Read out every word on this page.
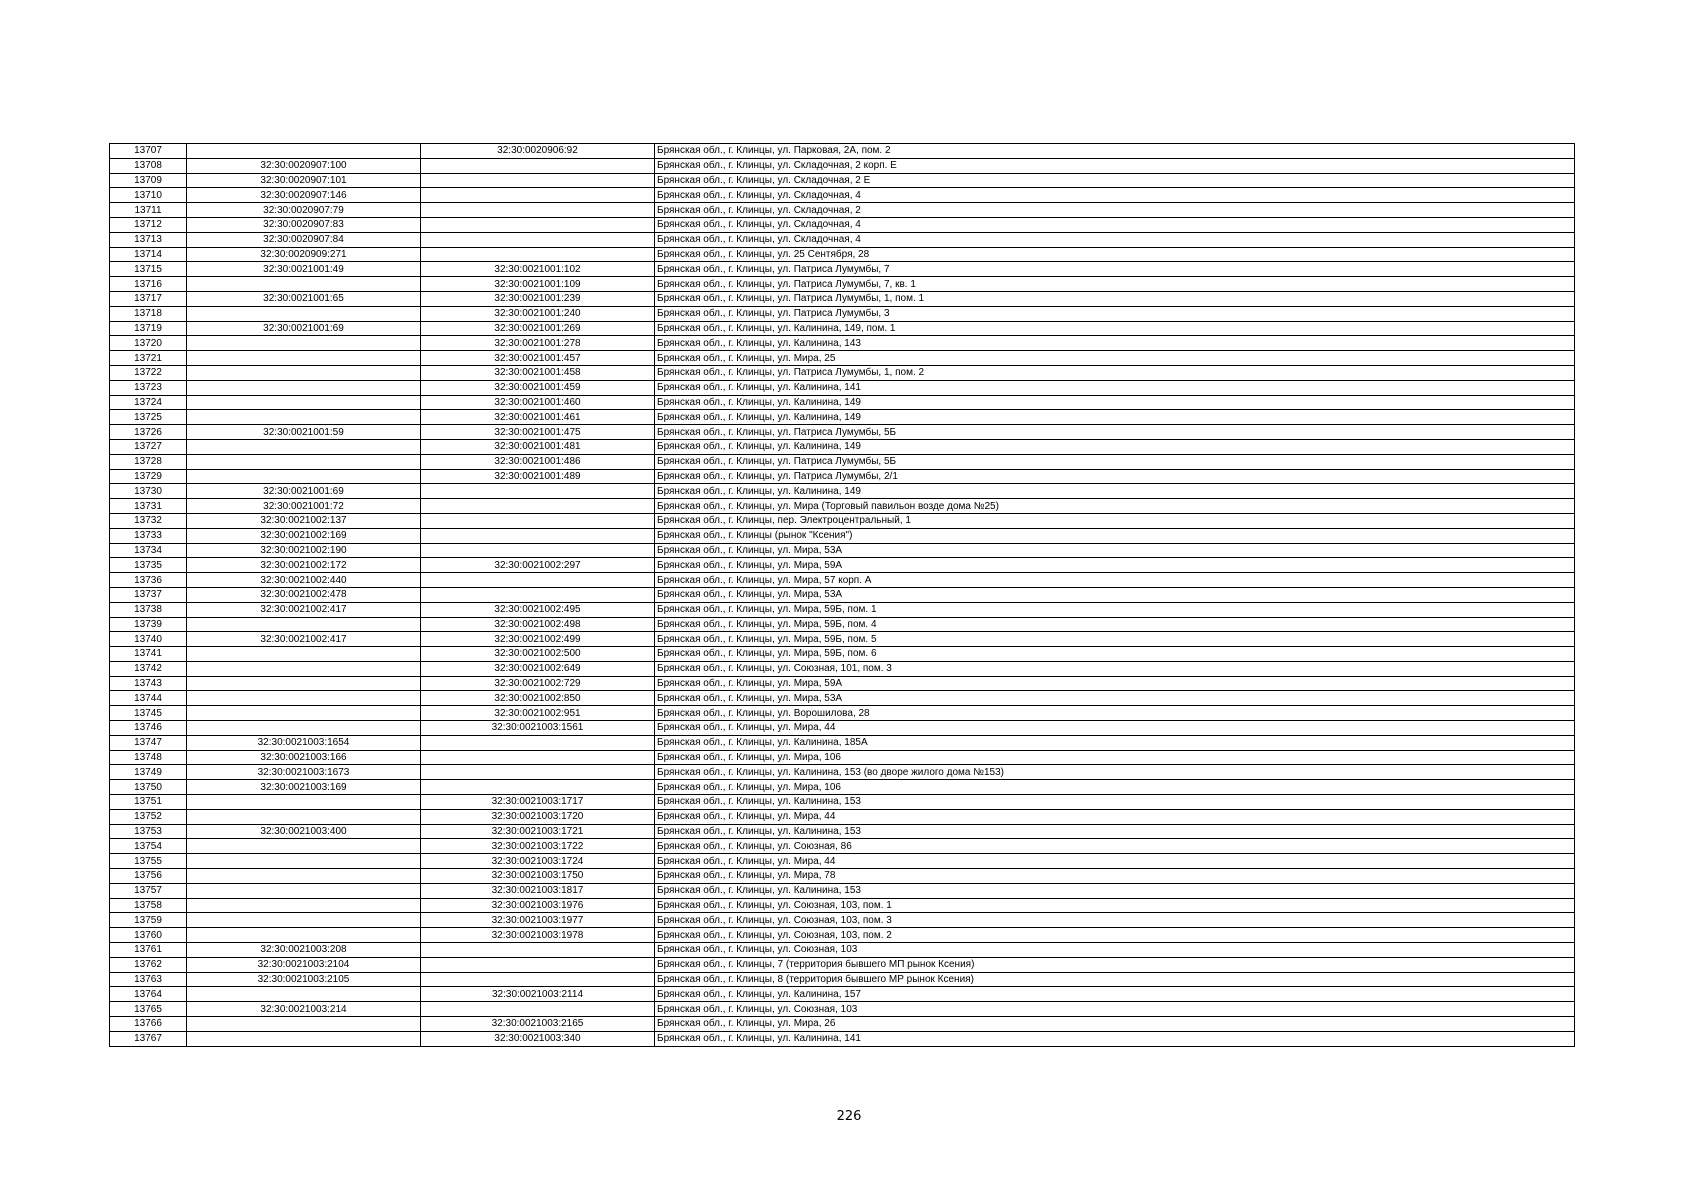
13707		32:30:0020906:92	Брянская обл., г. Клинцы, ул. Парковая, 2А, пом. 2
13708	32:30:0020907:100		Брянская обл., г. Клинцы, ул. Складочная, 2 корп. Е
13709	32:30:0020907:101		Брянская обл., г. Клинцы, ул. Складочная, 2 Е
13710	32:30:0020907:146		Брянская обл., г. Клинцы, ул. Складочная, 4
13711	32:30:0020907:79		Брянская обл., г. Клинцы, ул. Складочная, 2
13712	32:30:0020907:83		Брянская обл., г. Клинцы, ул. Складочная, 4
13713	32:30:0020907:84		Брянская обл., г. Клинцы, ул. Складочная, 4
13714	32:30:0020909:271		Брянская обл., г. Клинцы, ул. 25 Сентября, 28
13715	32:30:0021001:49	32:30:0021001:102	Брянская обл., г. Клинцы, ул. Патриса Лумумбы, 7
13716		32:30:0021001:109	Брянская обл., г. Клинцы, ул. Патриса Лумумбы, 7, кв. 1
13717	32:30:0021001:65	32:30:0021001:239	Брянская обл., г. Клинцы, ул. Патриса Лумумбы, 1, пом. 1
13718		32:30:0021001:240	Брянская обл., г. Клинцы, ул. Патриса Лумумбы, 3
13719	32:30:0021001:69	32:30:0021001:269	Брянская обл., г. Клинцы, ул. Калинина, 149, пом. 1
13720		32:30:0021001:278	Брянская обл., г. Клинцы, ул. Калинина, 143
13721		32:30:0021001:457	Брянская обл., г. Клинцы, ул. Мира, 25
13722		32:30:0021001:458	Брянская обл., г. Клинцы, ул. Патриса Лумумбы, 1, пом. 2
13723		32:30:0021001:459	Брянская обл., г. Клинцы, ул. Калинина, 141
13724		32:30:0021001:460	Брянская обл., г. Клинцы, ул. Калинина, 149
13725		32:30:0021001:461	Брянская обл., г. Клинцы, ул. Калинина, 149
13726	32:30:0021001:59	32:30:0021001:475	Брянская обл., г. Клинцы, ул. Патриса Лумумбы, 5Б
13727		32:30:0021001:481	Брянская обл., г. Клинцы, ул. Калинина, 149
13728		32:30:0021001:486	Брянская обл., г. Клинцы, ул. Патриса Лумумбы, 5Б
13729		32:30:0021001:489	Брянская обл., г. Клинцы, ул. Патриса Лумумбы, 2/1
13730	32:30:0021001:69		Брянская обл., г. Клинцы, ул. Калинина, 149
13731	32:30:0021001:72		Брянская обл., г. Клинцы, ул. Мира (Торговый павильон возде дома №25)
13732	32:30:0021002:137		Брянская обл., г. Клинцы, пер. Электроцентральный, 1
13733	32:30:0021002:169		Брянская обл., г. Клинцы (рынок "Ксения")
13734	32:30:0021002:190		Брянская обл., г. Клинцы, ул. Мира, 53А
13735	32:30:0021002:172	32:30:0021002:297	Брянская обл., г. Клинцы, ул. Мира, 59А
13736	32:30:0021002:440		Брянская обл., г. Клинцы, ул. Мира, 57 корп. А
13737	32:30:0021002:478		Брянская обл., г. Клинцы, ул. Мира, 53А
13738	32:30:0021002:417	32:30:0021002:495	Брянская обл., г. Клинцы, ул. Мира, 59Б, пом. 1
13739		32:30:0021002:498	Брянская обл., г. Клинцы, ул. Мира, 59Б, пом. 4
13740	32:30:0021002:417	32:30:0021002:499	Брянская обл., г. Клинцы, ул. Мира, 59Б, пом. 5
13741		32:30:0021002:500	Брянская обл., г. Клинцы, ул. Мира, 59Б, пом. 6
13742		32:30:0021002:649	Брянская обл., г. Клинцы, ул. Союзная, 101, пом. 3
13743		32:30:0021002:729	Брянская обл., г. Клинцы, ул. Мира, 59А
13744		32:30:0021002:850	Брянская обл., г. Клинцы, ул. Мира, 53А
13745		32:30:0021002:951	Брянская обл., г. Клинцы, ул. Ворошилова, 28
13746		32:30:0021003:1561	Брянская обл., г. Клинцы, ул. Мира, 44
13747	32:30:0021003:1654		Брянская обл., г. Клинцы, ул. Калинина, 185А
13748	32:30:0021003:166		Брянская обл., г. Клинцы, ул. Мира, 106
13749	32:30:0021003:1673		Брянская обл., г. Клинцы, ул. Калинина, 153 (во дворе жилого дома №153)
13750	32:30:0021003:169		Брянская обл., г. Клинцы, ул. Мира, 106
13751		32:30:0021003:1717	Брянская обл., г. Клинцы, ул. Калинина, 153
13752		32:30:0021003:1720	Брянская обл., г. Клинцы, ул. Мира, 44
13753	32:30:0021003:400	32:30:0021003:1721	Брянская обл., г. Клинцы, ул. Калинина, 153
13754		32:30:0021003:1722	Брянская обл., г. Клинцы, ул. Союзная, 86
13755		32:30:0021003:1724	Брянская обл., г. Клинцы, ул. Мира, 44
13756		32:30:0021003:1750	Брянская обл., г. Клинцы, ул. Мира, 78
13757		32:30:0021003:1817	Брянская обл., г. Клинцы, ул. Калинина, 153
13758		32:30:0021003:1976	Брянская обл., г. Клинцы, ул. Союзная, 103, пом. 1
13759		32:30:0021003:1977	Брянская обл., г. Клинцы, ул. Союзная, 103, пом. 3
13760		32:30:0021003:1978	Брянская обл., г. Клинцы, ул. Союзная, 103, пом. 2
13761	32:30:0021003:208		Брянская обл., г. Клинцы, ул. Союзная, 103
13762	32:30:0021003:2104		Брянская обл., г. Клинцы, 7 (территория бывшего МП рынок Ксения)
13763	32:30:0021003:2105		Брянская обл., г. Клинцы, 8 (территория бывшего МР рынок Ксения)
13764		32:30:0021003:2114	Брянская обл., г. Клинцы, ул. Калинина, 157
13765	32:30:0021003:214		Брянская обл., г. Клинцы, ул. Союзная, 103
13766		32:30:0021003:2165	Брянская обл., г. Клинцы, ул. Мира, 26
13767		32:30:0021003:340	Брянская обл., г. Клинцы, ул. Калинина, 141
226
